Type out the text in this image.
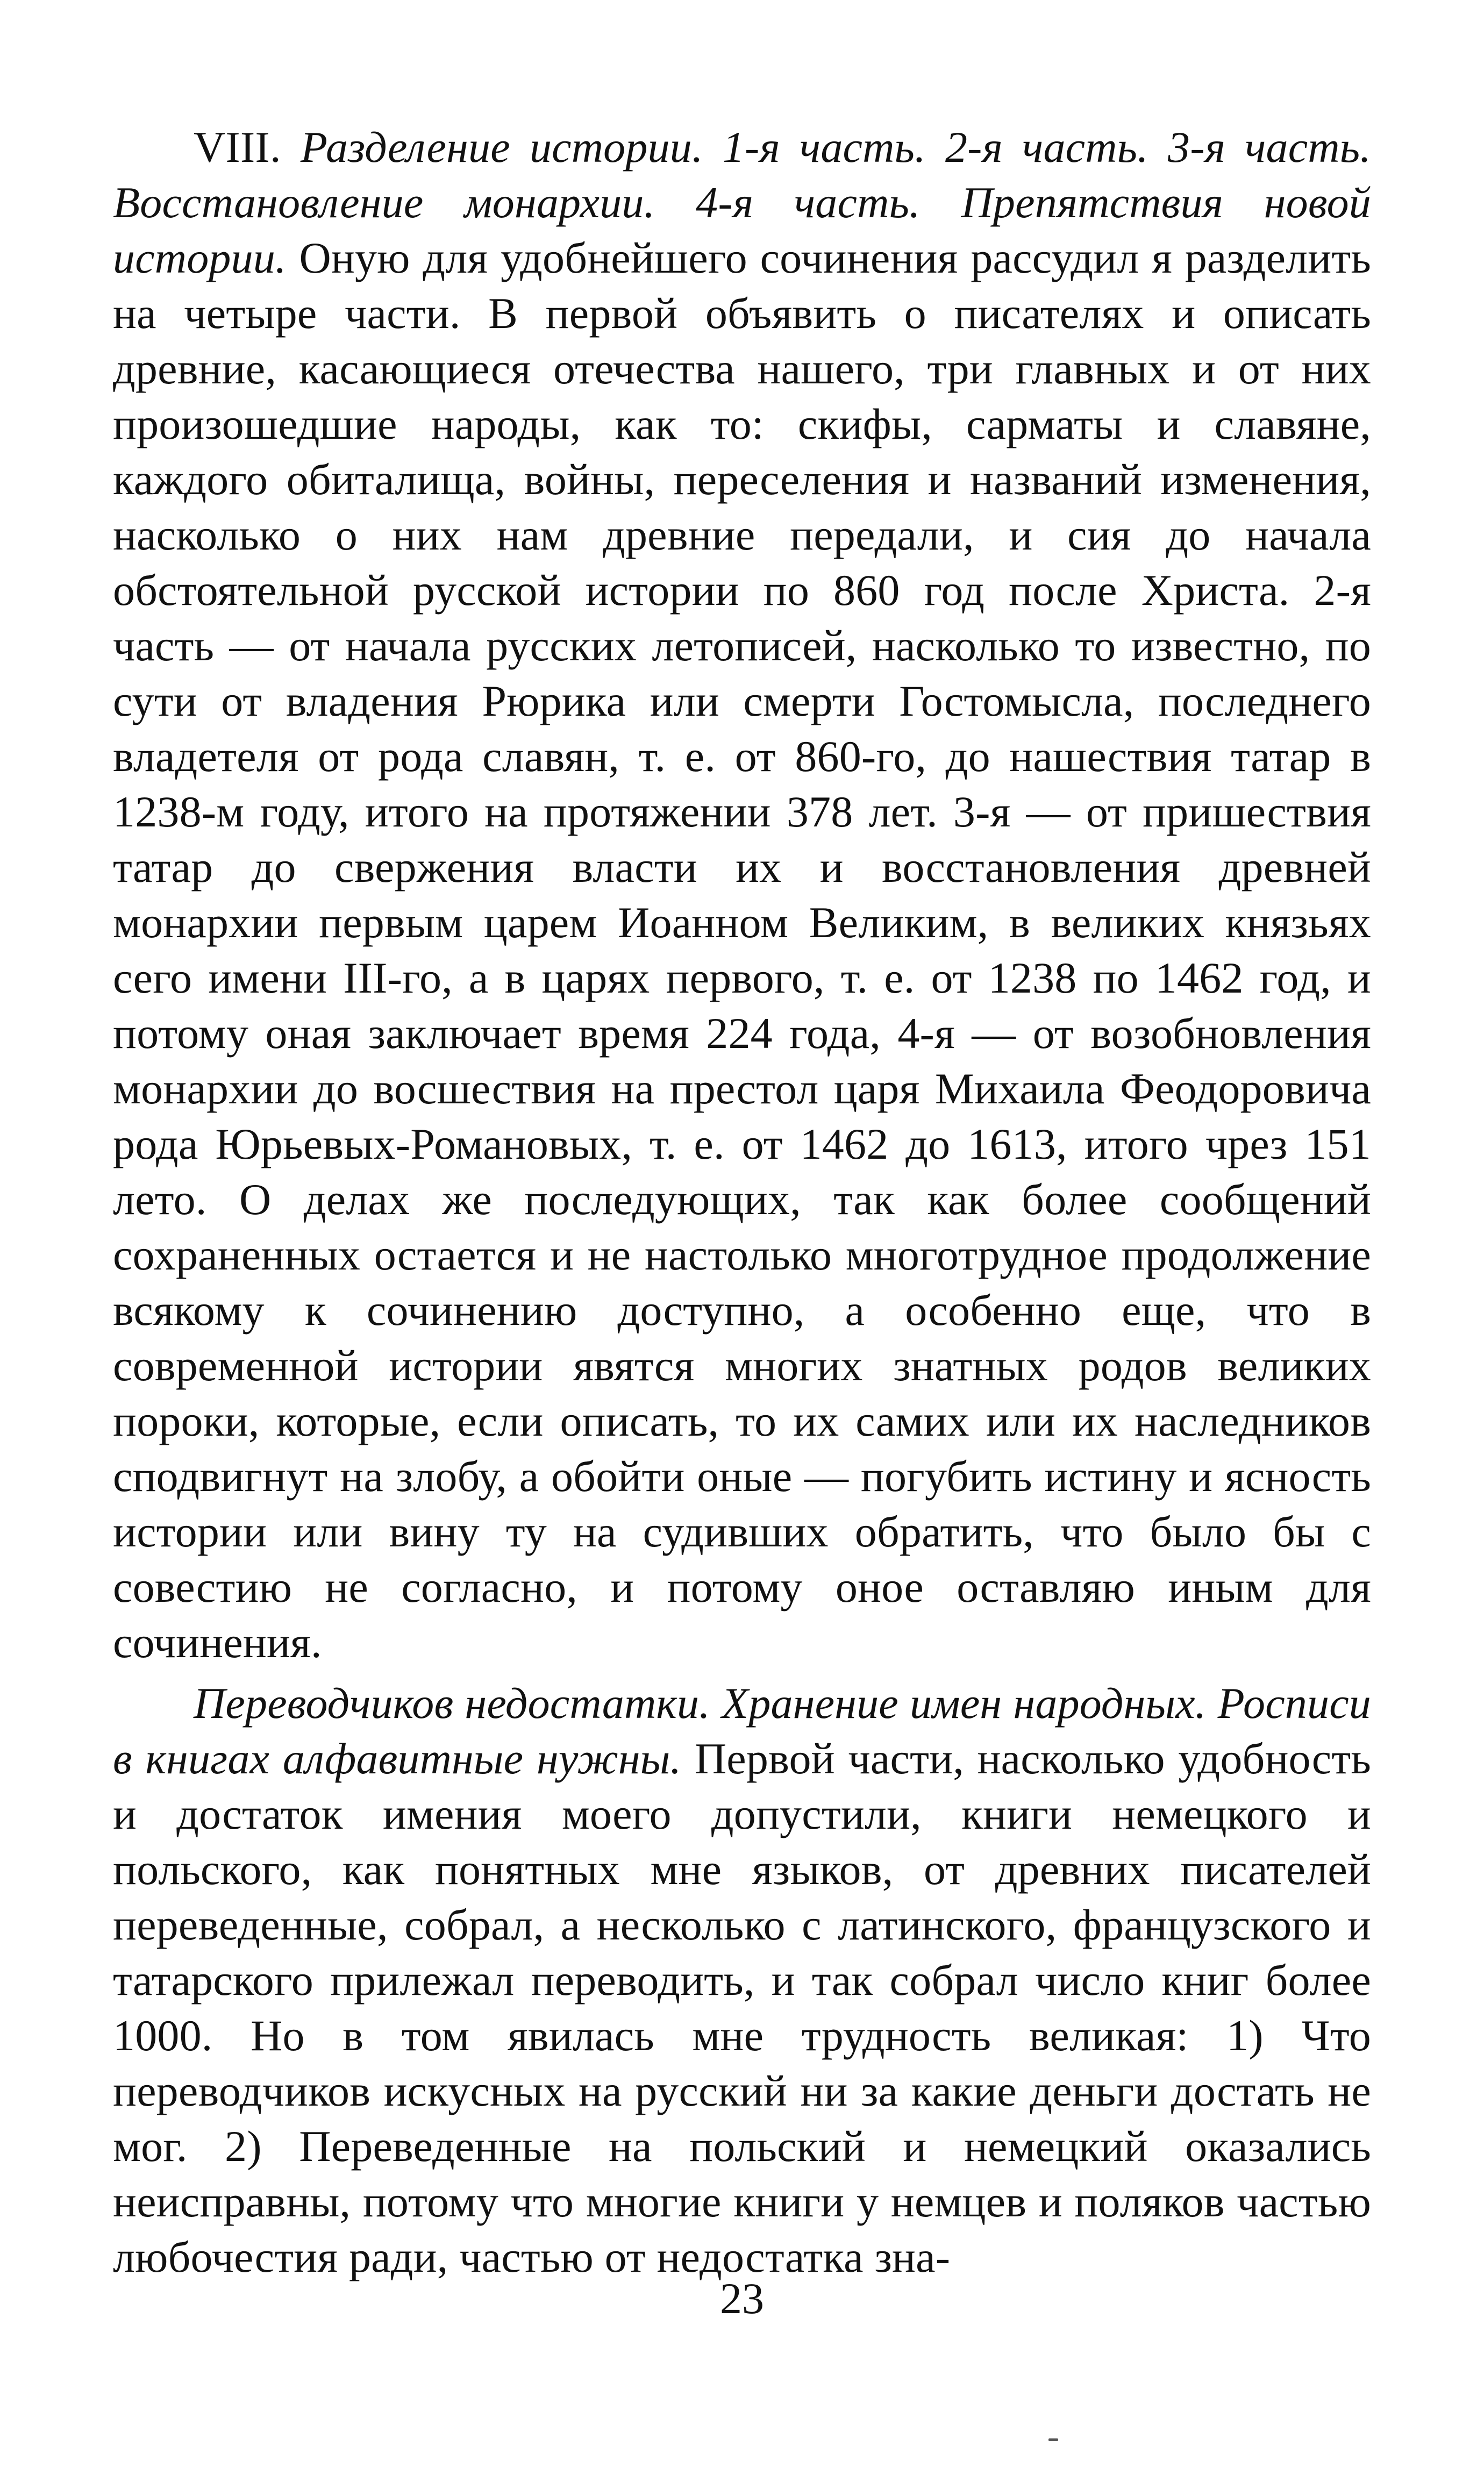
VIII. Разделение истории. 1-я часть. 2-я часть. 3-я часть. Восстановление монархии. 4-я часть. Препятствия новой истории. Оную для удобнейшего сочинения рассудил я разделить на четыре части. В первой объявить о писателях и описать древние, касающиеся отечества нашего, три главных и от них произошедшие народы, как то: скифы, сарматы и славяне, каждого обиталища, войны, переселения и названий изменения, насколько о них нам древние передали, и сия до начала обстоятельной русской истории по 860 год после Христа. 2-я часть — от начала русских летописей, насколько то известно, по сути от владения Рюрика или смерти Гостомысла, последнего владетеля от рода славян, т. е. от 860-го, до нашествия татар в 1238-м году, итого на протяжении 378 лет. 3-я — от пришествия татар до свержения власти их и восстановления древней монархии первым царем Иоанном Великим, в великих князьях сего имени III-го, а в царях первого, т. е. от 1238 по 1462 год, и потому оная заключает время 224 года, 4-я — от возобновления монархии до восшествия на престол царя Михаила Феодоровича рода Юрьевых-Романовых, т. е. от 1462 до 1613, итого чрез 151 лето. О делах же последующих, так как более сообщений сохраненных остается и не настолько многотрудное продолжение всякому к сочинению доступно, а особенно еще, что в современной истории явятся многих знатных родов великих пороки, которые, если описать, то их самих или их наследников сподвигнут на злобу, а обойти оные — погубить истину и ясность истории или вину ту на судивших обратить, что было бы с совестию не согласно, и потому оное оставляю иным для сочинения.

Переводчиков недостатки. Хранение имен народных. Росписи в книгах алфавитные нужны. Первой части, насколько удобность и достаток имения моего допустили, книги немецкого и польского, как понятных мне языков, от древних писателей переведенные, собрал, а несколько с латинского, французского и татарского прилежал переводить, и так собрал число книг более 1000. Но в том явилась мне трудность великая: 1) Что переводчиков искусных на русский ни за какие деньги достать не мог. 2) Переведенные на польский и немецкий оказались неисправны, потому что многие книги у немцев и поляков частью любочестия ради, частью от недостатка зна-

23
